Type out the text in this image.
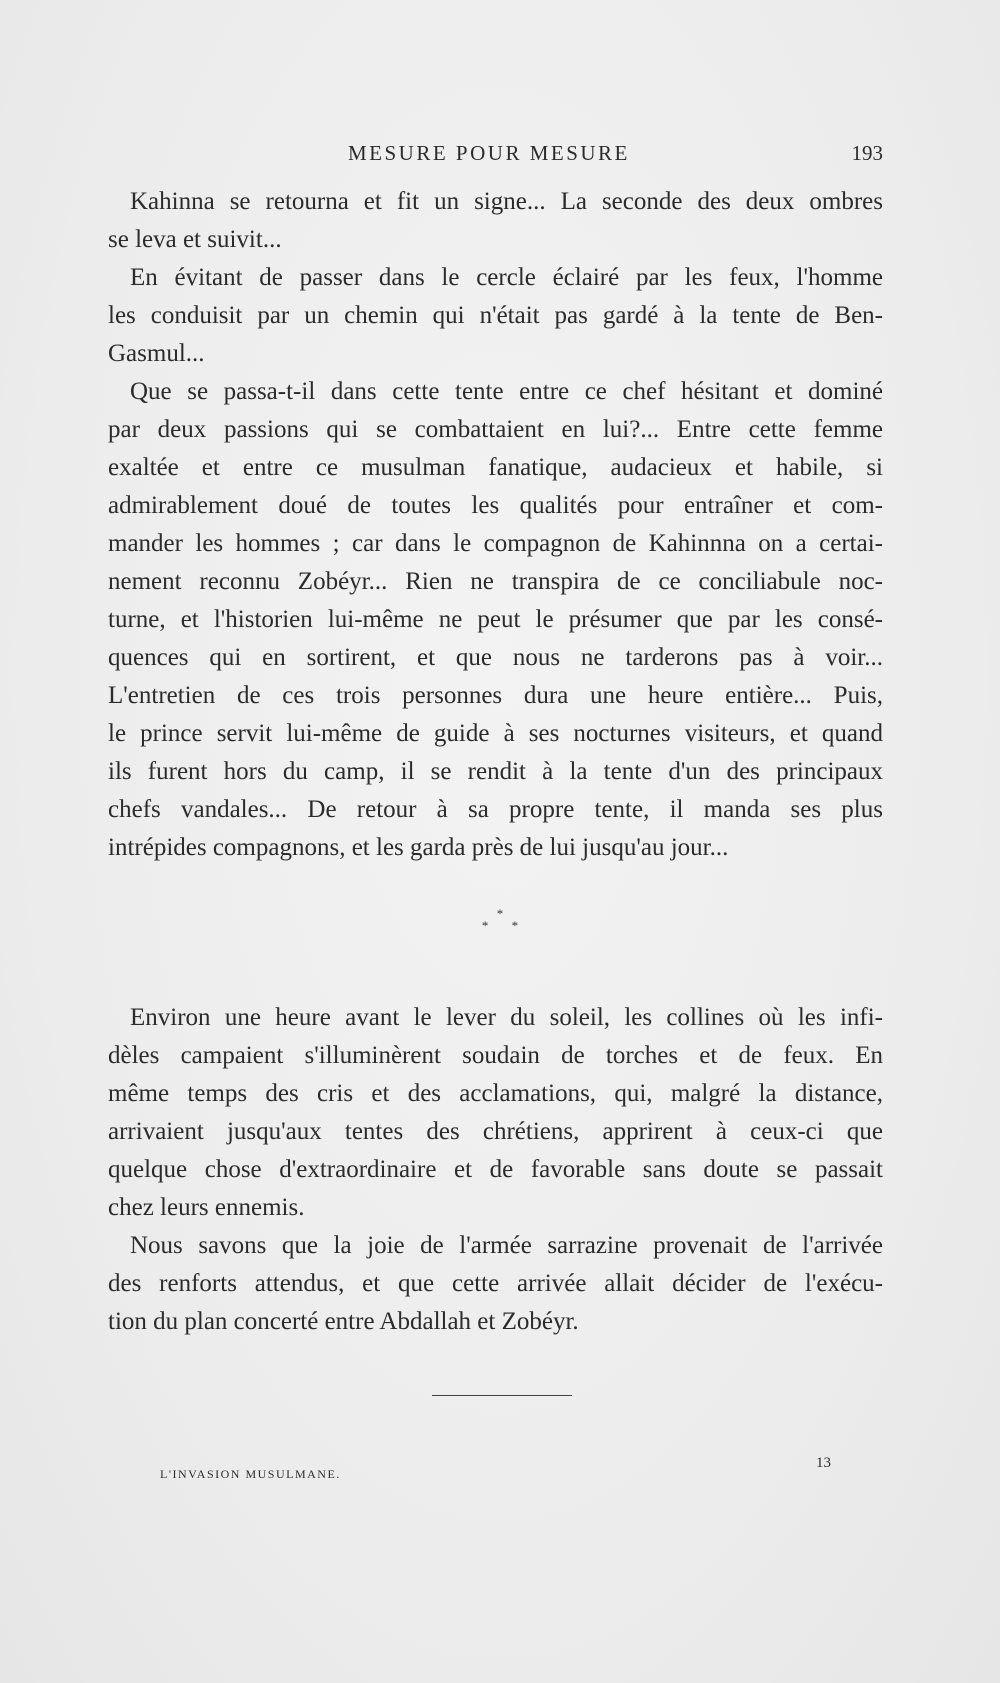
MESURE POUR MESURE	193
Kahinna se retourna et fit un signe... La seconde des deux ombres
se leva et suivit...
En évitant de passer dans le cercle éclairé par les feux, l'homme
les conduisit par un chemin qui n'était pas gardé à la tente de Ben-
Gasmul...
Que se passa-t-il dans cette tente entre ce chef hésitant et dominé
par deux passions qui se combattaient en lui?... Entre cette femme
exaltée et entre ce musulman fanatique, audacieux et habile, si
admirablement doué de toutes les qualités pour entraîner et com-
mander les hommes ; car dans le compagnon de Kahinnna on a certai-
nement reconnu Zobéyr... Rien ne transpira de ce conciliabule noc-
turne, et l'historien lui-même ne peut le présumer que par les consé-
quences qui en sortirent, et que nous ne tarderons pas à voir...
L'entretien de ces trois personnes dura une heure entière... Puis,
le prince servit lui-même de guide à ses nocturnes visiteurs, et quand
ils furent hors du camp, il se rendit à la tente d'un des principaux
chefs vandales... De retour à sa propre tente, il manda ses plus
intrépides compagnons, et les garda près de lui jusqu'au jour...
*
* *
Environ une heure avant le lever du soleil, les collines où les infi-
dèles campaient s'illuminèrent soudain de torches et de feux. En
même temps des cris et des acclamations, qui, malgré la distance,
arrivaient jusqu'aux tentes des chrétiens, apprirent à ceux-ci que
quelque chose d'extraordinaire et de favorable sans doute se passait
chez leurs ennemis.
Nous savons que la joie de l'armée sarrazine provenait de l'arrivée
des renforts attendus, et que cette arrivée allait décider de l'exécu-
tion du plan concerté entre Abdallah et Zobéyr.
L'INVASION MUSULMANE.
13
